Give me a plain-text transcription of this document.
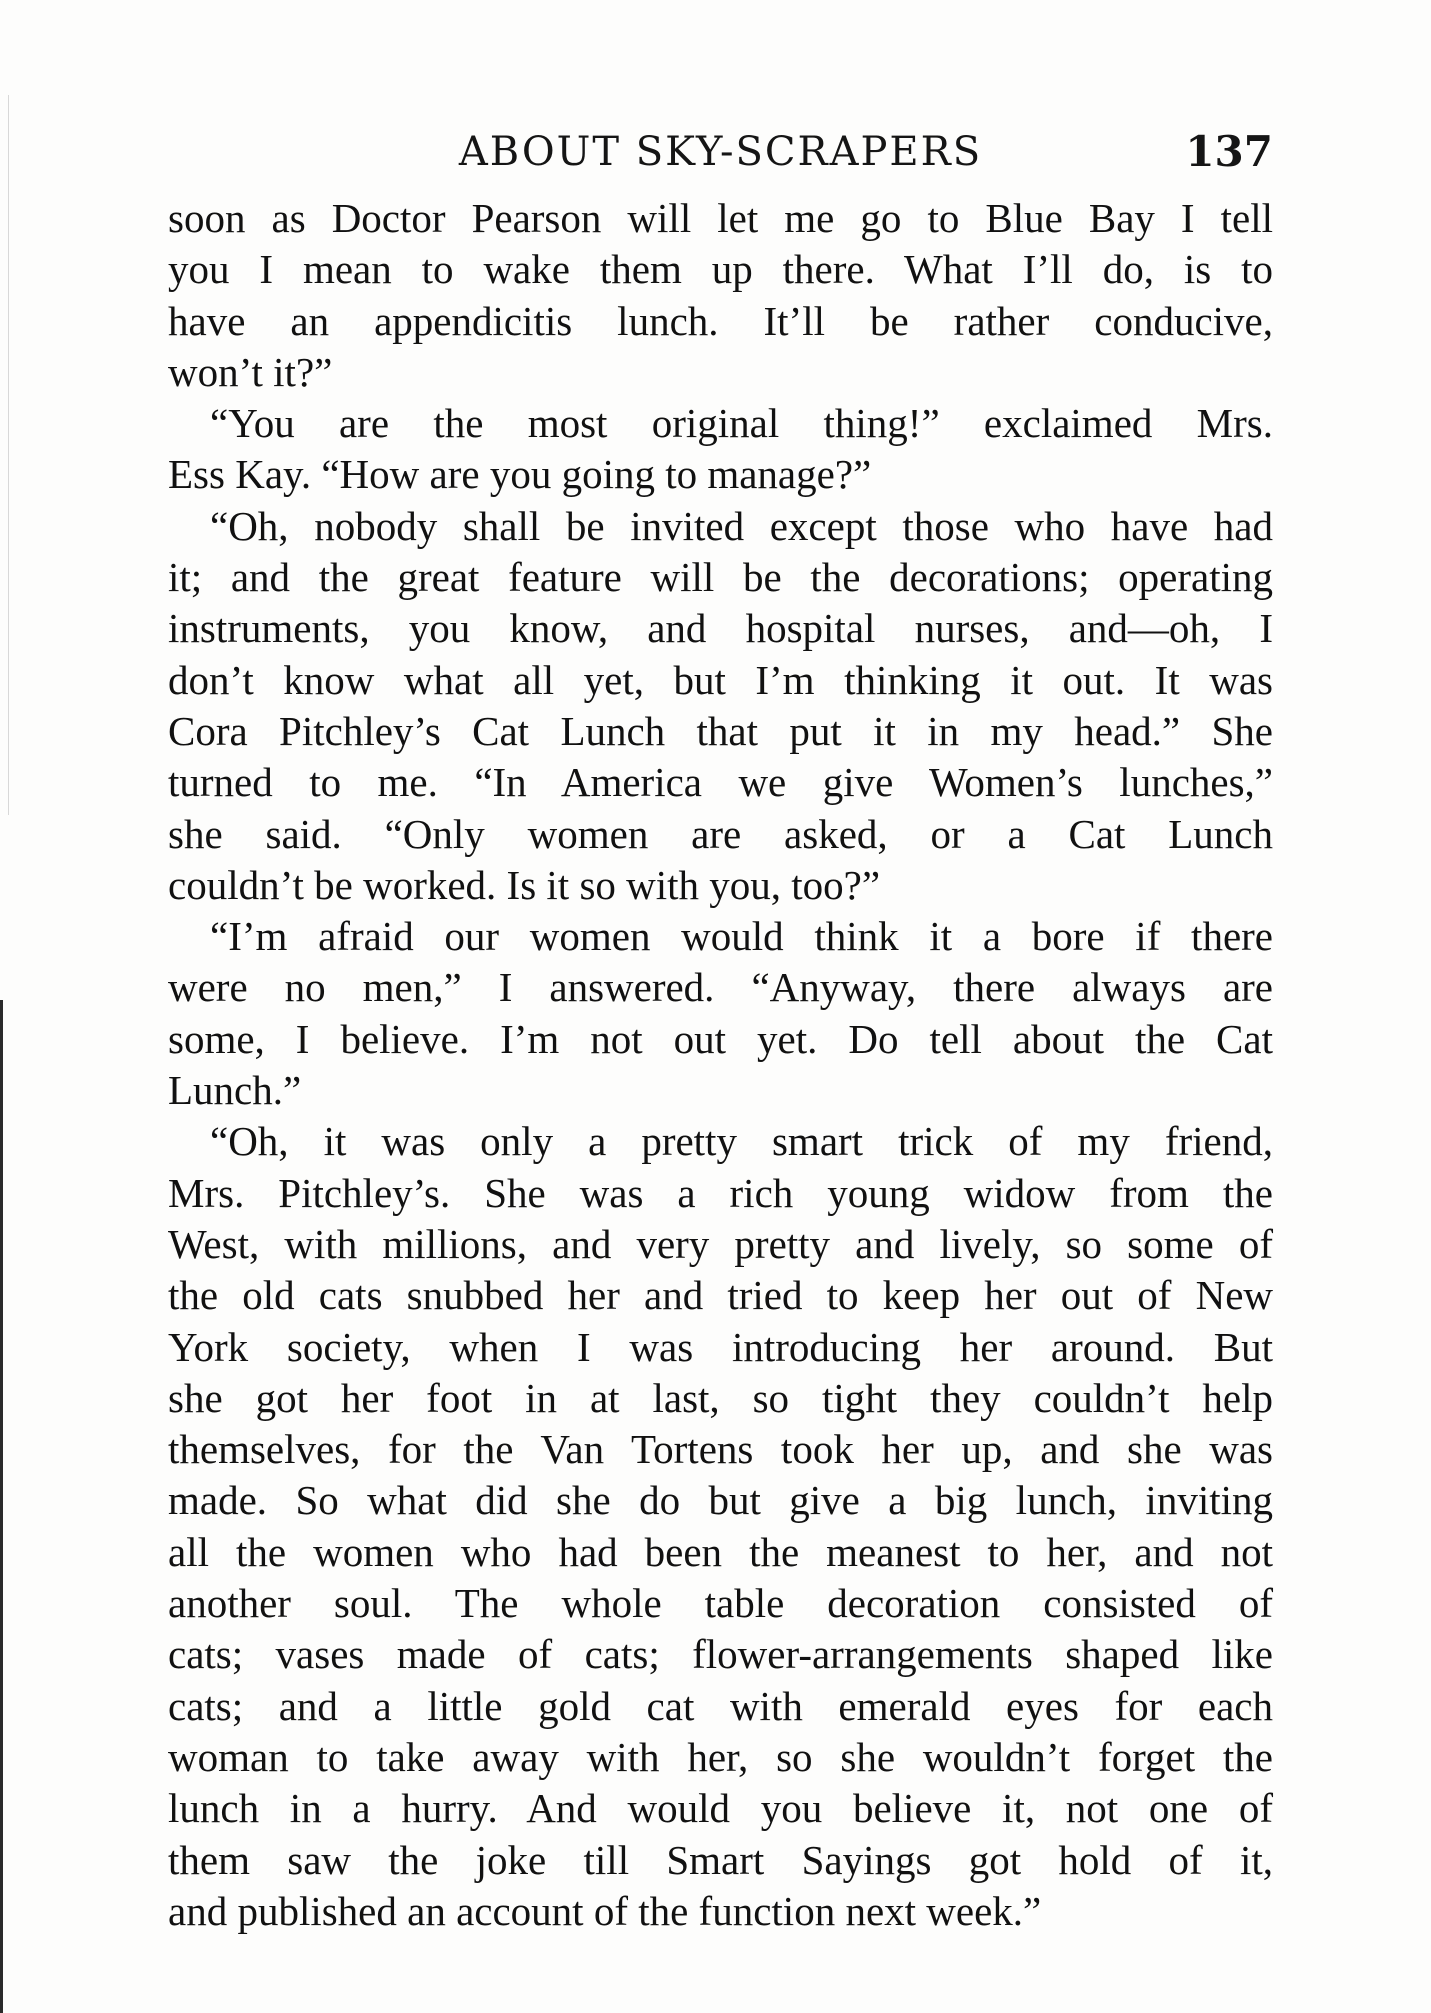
ABOUT SKY-SCRAPERS	137
soon as Doctor Pearson will let me go to Blue Bay I tell
you I mean to wake them up there. What I’ll do, is to
have an appendicitis lunch. It’ll be rather conducive,
won’t it?”
“You are the most original thing!” exclaimed Mrs.
Ess Kay. “How are you going to manage?”
“Oh, nobody shall be invited except those who have had
it; and the great feature will be the decorations; operating
instruments, you know, and hospital nurses, and—oh, I
don’t know what all yet, but I’m thinking it out. It was
Cora Pitchley’s Cat Lunch that put it in my head.” She
turned to me. “In America we give Women’s lunches,”
she said. “Only women are asked, or a Cat Lunch
couldn’t be worked. Is it so with you, too?”
“I’m afraid our women would think it a bore if there
were no men,” I answered. “Anyway, there always are
some, I believe. I’m not out yet. Do tell about the Cat
Lunch.”
“Oh, it was only a pretty smart trick of my friend,
Mrs. Pitchley’s. She was a rich young widow from the
West, with millions, and very pretty and lively, so some of
the old cats snubbed her and tried to keep her out of New
York society, when I was introducing her around. But
she got her foot in at last, so tight they couldn’t help
themselves, for the Van Tortens took her up, and she was
made. So what did she do but give a big lunch, inviting
all the women who had been the meanest to her, and not
another soul. The whole table decoration consisted of
cats; vases made of cats; flower-arrangements shaped like
cats; and a little gold cat with emerald eyes for each
woman to take away with her, so she wouldn’t forget the
lunch in a hurry. And would you believe it, not one of
them saw the joke till Smart Sayings got hold of it,
and published an account of the function next week.”
